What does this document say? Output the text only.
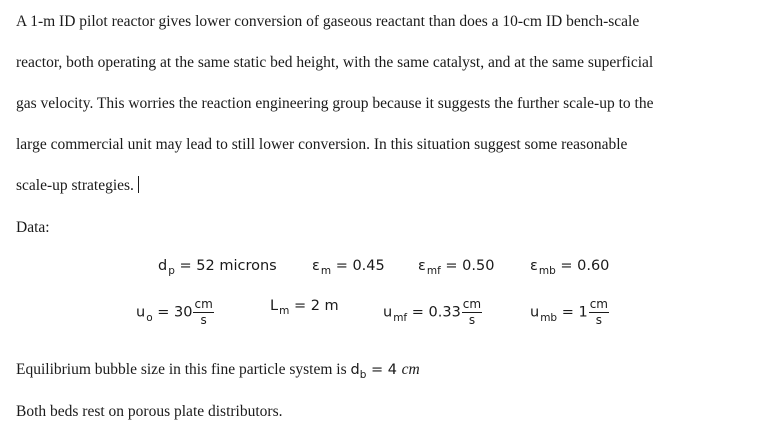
A 1-m ID pilot reactor gives lower conversion of gaseous reactant than does a 10-cm ID bench-scale
reactor, both operating at the same static bed height, with the same catalyst, and at the same superficial
gas velocity. This worries the reaction engineering group because it suggests the further scale-up to the
large commercial unit may lead to still lower conversion. In this situation suggest some reasonable
scale-up strategies.
Data:
$d_p = 52$ microns $\varepsilon_m = 0.45$ $\varepsilon_{mf} = 0.50$ $\varepsilon_{mb} = 0.60$
$u_o = 30 \frac{cm}{s}$	$L_m = 2$ m	$u_{mf} = 0.33 \frac{cm}{s}$	$u_{mb} = 1 \frac{cm}{s}$
Equilibrium bubble size in this fine particle system is $d_b = 4$ cm
Both beds rest on porous plate distributors.
